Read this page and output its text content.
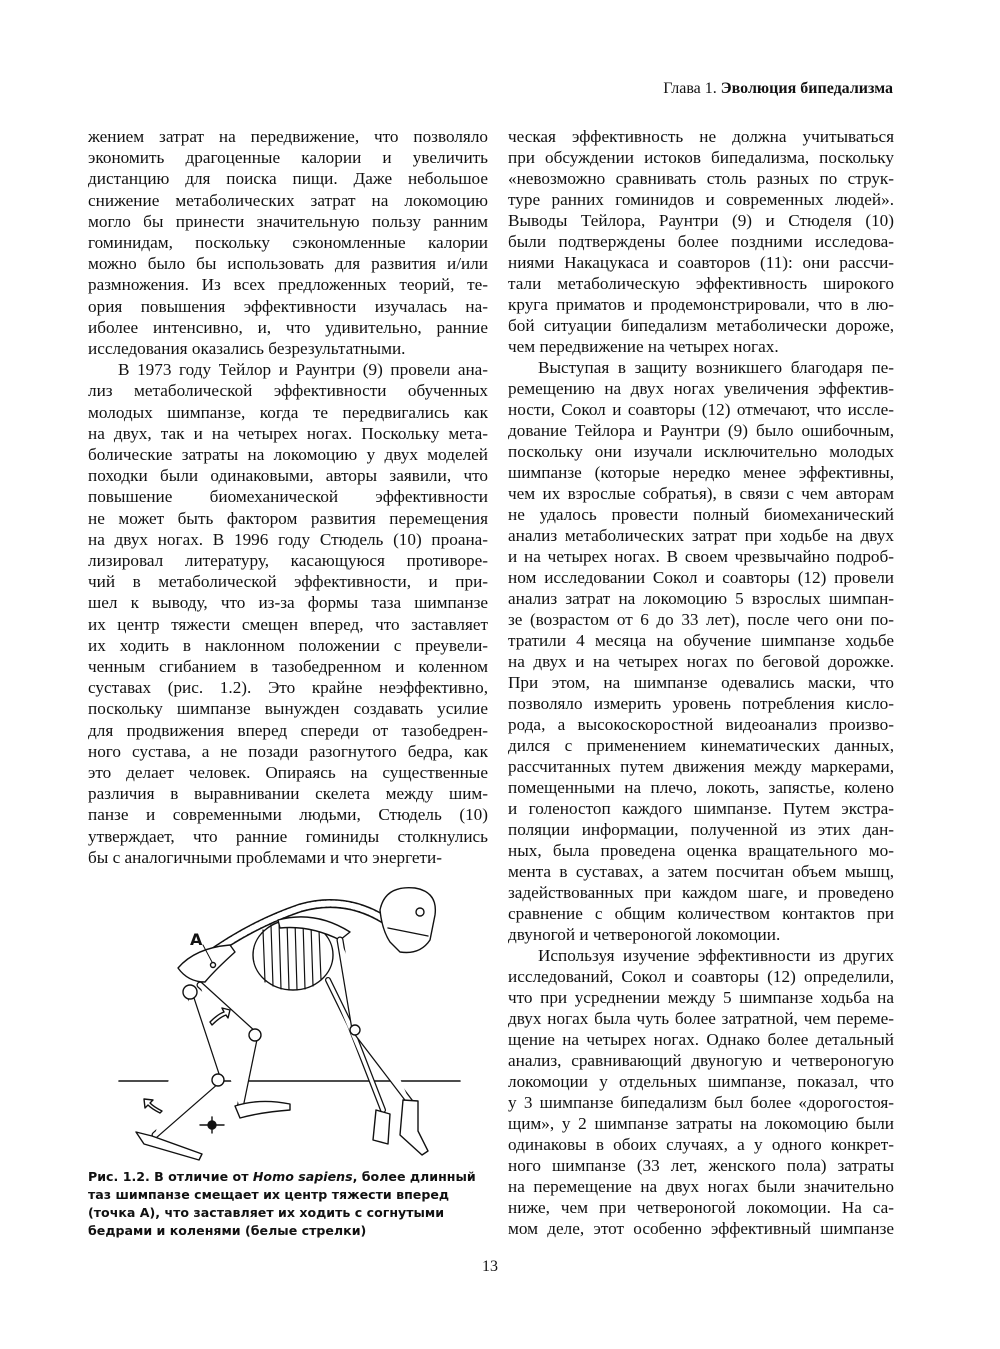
Глава 1. Эволюция бипедализма
жением затрат на передвижение, что позволяло
экономить драгоценные калории и увеличить
дистанцию для поиска пищи. Даже небольшое
снижение метаболических затрат на локомоцию
могло бы принести значительную пользу ранним
гоминидам, поскольку сэкономленные калории
можно было бы использовать для развития и/или
размножения. Из всех предложенных теорий, те-
ория повышения эффективности изучалась на-
иболее интенсивно, и, что удивительно, ранние
исследования оказались безрезультатными.
В 1973 году Тейлор и Раунтри (9) провели ана-
лиз метаболической эффективности обученных
молодых шимпанзе, когда те передвигались как
на двух, так и на четырех ногах. Поскольку мета-
болические затраты на локомоцию у двух моделей
походки были одинаковыми, авторы заявили, что
повышение биомеханической эффективности
не может быть фактором развития перемещения
на двух ногах. В 1996 году Стюдель (10) проана-
лизировал литературу, касающуюся противоре-
чий в метаболической эффективности, и при-
шел к выводу, что из-за формы таза шимпанзе
их центр тяжести смещен вперед, что заставляет
их ходить в наклонном положении с преувели-
ченным сгибанием в тазобедренном и коленном
суставах (рис. 1.2). Это крайне неэффективно,
поскольку шимпанзе вынужден создавать усилие
для продвижения вперед спереди от тазобедрен-
ного сустава, а не позади разогнутого бедра, как
это делает человек. Опираясь на существенные
различия в выравнивании скелета между шим-
панзе и современными людьми, Стюдель (10)
утверждает, что ранние гоминиды столкнулись
бы с аналогичными проблемами и что энергети-
ческая эффективность не должна учитываться
при обсуждении истоков бипедализма, поскольку
«невозможно сравнивать столь разных по струк-
туре ранних гоминидов и современных людей».
Выводы Тейлора, Раунтри (9) и Стюделя (10)
были подтверждены более поздними исследова-
ниями Накацукаса и соавторов (11): они рассчи-
тали метаболическую эффективность широкого
круга приматов и продемонстрировали, что в лю-
бой ситуации бипедализм метаболически дороже,
чем передвижение на четырех ногах.
Выступая в защиту возникшего благодаря пе-
ремещению на двух ногах увеличения эффектив-
ности, Сокол и соавторы (12) отмечают, что иссле-
дование Тейлора и Раунтри (9) было ошибочным,
поскольку они изучали исключительно молодых
шимпанзе (которые нередко менее эффективны,
чем их взрослые собратья), в связи с чем авторам
не удалось провести полный биомеханический
анализ метаболических затрат при ходьбе на двух
и на четырех ногах. В своем чрезвычайно подроб-
ном исследовании Сокол и соавторы (12) провели
анализ затрат на локомоцию 5 взрослых шимпан-
зе (возрастом от 6 до 33 лет), после чего они по-
тратили 4 месяца на обучение шимпанзе ходьбе
на двух и на четырех ногах по беговой дорожке.
При этом, на шимпанзе одевались маски, что
позволяло измерить уровень потребления кисло-
рода, а высокоскоростной видеоанализ произво-
дился с применением кинематических данных,
рассчитанных путем движения между маркерами,
помещенными на плечо, локоть, запястье, колено
и голеностоп каждого шимпанзе. Путем экстра-
поляции информации, полученной из этих дан-
ных, была проведена оценка вращательного мо-
мента в суставах, а затем посчитан объем мышц,
задействованных при каждом шаге, и проведено
сравнение с общим количеством контактов при
двуногой и четвероногой локомоции.
Используя изучение эффективности из других
исследований, Сокол и соавторы (12) определили,
что при усреднении между 5 шимпанзе ходьба на
двух ногах была чуть более затратной, чем переме-
щение на четырех ногах. Однако более детальный
анализ, сравнивающий двуногую и четвероногую
локомоции у отдельных шимпанзе, показал, что
у 3 шимпанзе бипедализм был более «дорогостоя-
щим», у 2 шимпанзе затраты на локомоцию были
одинаковы в обоих случаях, а у одного конкрет-
ного шимпанзе (33 лет, женского пола) затраты
на перемещение на двух ногах были значительно
ниже, чем при четвероногой локомоции. На са-
мом деле, этот особенно эффективный шимпанзе
A
Рис. 1.2. В отличие от Homo sapiens, более длинный
таз шимпанзе смещает их центр тяжести вперед
(точка А), что заставляет их ходить с согнутыми
бедрами и коленями (белые стрелки)
13
